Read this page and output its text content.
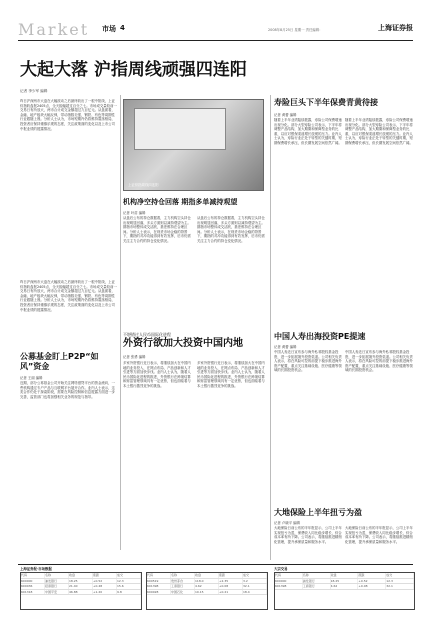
Market 市场 4	2008年8月25日 星期一 责任编辑：	上海证券报
大起大落 沪指周线顽强四连阳
记者 李少军 编辑
上证综指周线四连阳
昨日沪深两市大盘在大幅波动之后最终收出了一根中阳线，上证综指收盘报2405点，全天振幅超过百分之七。市场成交量较前一交易日有所放大，两市合计成交金额超过九百亿元。从盘面看，金融、地产板块大幅反弹，带动指数走强，钢铁、有色等周期性行业跟随上涨。分析人士认为，市场短期内仍将维持震荡格局，投资者应保持谨慎乐观的态度，关注政策面的变化以及上市公司中报业绩的披露情况。
昨日沪深两市大盘在大幅波动之后最终收出了一根中阳线，上证综指收盘报2405点，全天振幅超过百分之七。市场成交量较前一交易日有所放大，两市合计成交金额超过九百亿元。从盘面看，金融、地产板块大幅反弹，带动指数走强，钢铁、有色等周期性行业跟随上涨。分析人士认为，市场短期内仍将维持震荡格局，投资者应保持谨慎乐观的态度，关注政策面的变化以及上市公司中报业绩的披露情况。
机构净空持仓回落 期指多单减持观望
记者 叶苗 编辑
从盘后公布的持仓数据看，主力机构空头持仓出现明显回落，多头方面则以减持观望为主。期指市场整体成交活跃，基差维持在合理区间。分析人士表示，在现货市场企稳的背景下，期指的对冲功能得到有效发挥，后市仍需关注主力合约的持仓变化情况。
从盘后公布的持仓数据看，主力机构空头持仓出现明显回落，多头方面则以减持观望为主。期指市场整体成交活跃，基差维持在合理区间。分析人士表示，在现货市场企稳的背景下，期指的对冲功能得到有效发挥，后市仍需关注主力合约的持仓变化情况。
公募基金盯上P2P“如风”资金
记者 王丽 编辑
近期，部分公募基金公司开始关注网络借贷平台的资金流向，一些机构通过专户产品与互联网平台展开合作。业内人士表示，这类合作仍处于探索阶段，需要在风险控制和信息披露方面进一步完善，监管部门也将加强相关业务的规范与指导。
不堪错过人民币国际化进程
外资行欲加大投资中国内地
记者 张勇 编辑
多家外资银行近日表示，将继续加大在中国内地的业务投入，在网点布局、产品创新和人才引进等方面加快步伐。业内人士认为，随着人民币国际化进程的推进，外资银行在跨境结算和财富管理领域具有一定优势，但也面临着与本土银行激烈竞争的挑战。
多家外资银行近日表示，将继续加大在中国内地的业务投入，在网点布局、产品创新和人才引进等方面加快步伐。业内人士认为，随着人民币国际化进程的推进，外资银行在跨境结算和财富管理领域具有一定优势，但也面临着与本土银行激烈竞争的挑战。
寿险巨头下半年保费青黄待接
记者 黄蕾 编辑
随着上半年业绩陆续披露，寿险公司保费增速出现分化。部分大型寿险公司表示，下半年将调整产品结构，加大期缴和保障型业务的比重，以应对银保渠道增长放缓的压力。业内人士认为，寿险行业正处于转型的关键时期，短期保费增长承压，但长期发展空间依然广阔。
随着上半年业绩陆续披露，寿险公司保费增速出现分化。部分大型寿险公司表示，下半年将调整产品结构，加大期缴和保障型业务的比重，以应对银保渠道增长放缓的压力。业内人士认为，寿险行业正处于转型的关键时期，短期保费增长承压，但长期发展空间依然广阔。
中国人寿出海投资PE提速
记者 黄蕾 编辑
中国人寿近日宣布参与海外私募股权基金投资，进一步拓展境外投资渠道。公司相关负责人表示，将在风险可控的前提下稳步推进海外资产配置，重点关注基础设施、医疗健康等领域的长期投资机会。
中国人寿近日宣布参与海外私募股权基金投资，进一步拓展境外投资渠道。公司相关负责人表示，将在风险可控的前提下稳步推进海外资产配置，重点关注基础设施、医疗健康等领域的长期投资机会。
大地保险上半年扭亏为盈
记者 卢晓平 编辑
大地保险日前公布的半年报显示，公司上半年实现扭亏为盈，保费收入同比稳步增长，综合成本率有所下降。公司表示，将继续推进精细化管理，提升承保质量和服务水平。
大地保险日前公布的半年报显示，公司上半年实现扭亏为盈，保费收入同比稳步增长，综合成本率有所下降。公司表示，将继续推进精细化管理，提升承保质量和服务水平。
上海证券报·市场数据	大宗交易
代码	名称	收盘	涨跌	成交
600000	浦发银行	18.25	+0.52	12.3
600036	招商银行	21.40	+0.48	15.6
601318	中国平安	46.88	+1.20	9.8
代码	名称	收盘	涨跌	成交
600519	贵州茅台	118.0	+2.35	3.2
601398	工商银行	4.62	+0.08	32.1
600028	中国石化	10.15	+0.21	18.4
代码	名称	收盘	涨跌	成交
600000	浦发银行	18.25	+0.52	12.3
601398	工商银行	4.62	+0.08	32.1
